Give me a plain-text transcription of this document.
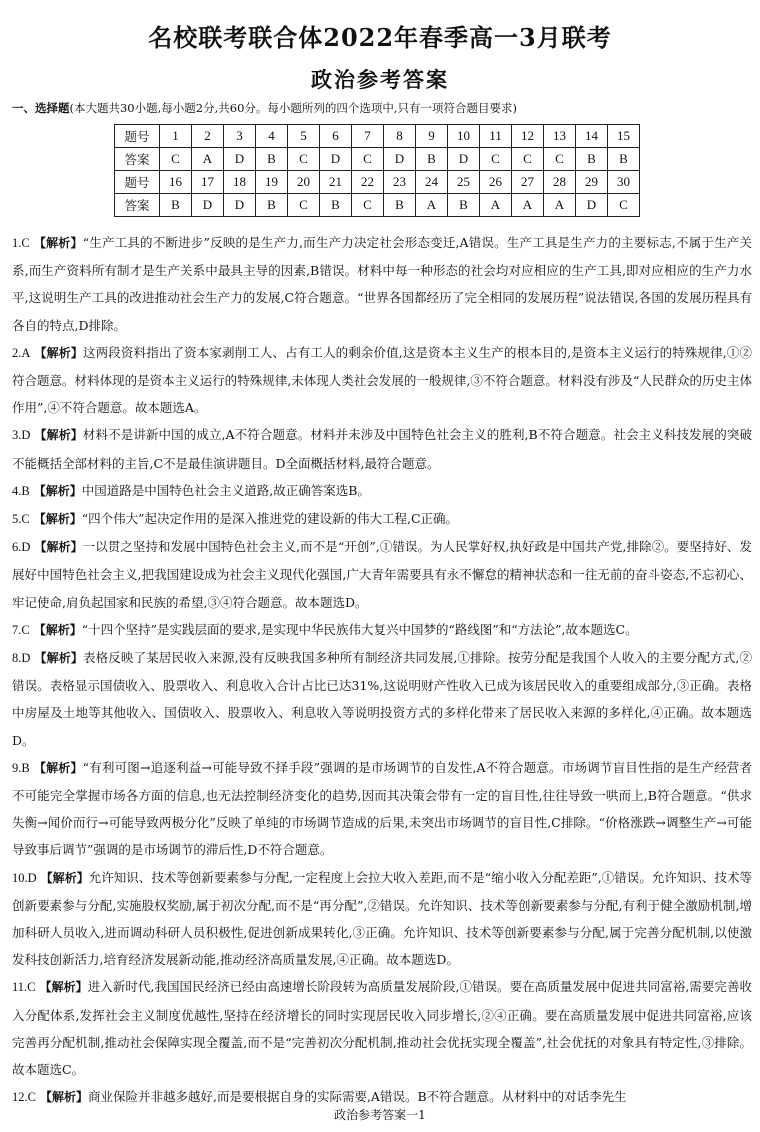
名校联考联合体2022年春季高一3月联考
政治参考答案
一、选择题(本大题共30小题,每小题2分,共60分。每小题所列的四个选项中,只有一项符合题目要求)
题号	1	2	3	4	5	6	7	8	9	10	11	12	13	14	15
答案	C	A	D	B	C	D	C	D	B	D	C	C	C	B	B
题号	16	17	18	19	20	21	22	23	24	25	26	27	28	29	30
答案	B	D	D	B	C	B	C	B	A	B	A	A	A	D	C

1.C 【解析】“生产工具的不断进步”反映的是生产力,而生产力决定社会形态变迁,A错误。生产工具是生产力的主要标志,不属于生产关系,而生产资料所有制才是生产关系中最具主导的因素,B错误。材料中每一种形态的社会均对应相应的生产工具,即对应相应的生产力水平,这说明生产工具的改进推动社会生产力的发展,C符合题意。“世界各国都经历了完全相同的发展历程”说法错误,各国的发展历程具有各自的特点,D排除。

2.A 【解析】这两段资料指出了资本家剥削工人、占有工人的剩余价值,这是资本主义生产的根本目的,是资本主义运行的特殊规律,①②符合题意。材料体现的是资本主义运行的特殊规律,未体现人类社会发展的一般规律,③不符合题意。材料没有涉及“人民群众的历史主体作用”,④不符合题意。故本题选A。

3.D 【解析】材料不是讲新中国的成立,A不符合题意。材料并未涉及中国特色社会主义的胜利,B不符合题意。社会主义科技发展的突破不能概括全部材料的主旨,C不是最佳演讲题目。D全面概括材料,最符合题意。

4.B 【解析】中国道路是中国特色社会主义道路,故正确答案选B。

5.C 【解析】“四个伟大”起决定作用的是深入推进党的建设新的伟大工程,C正确。

6.D 【解析】一以贯之坚持和发展中国特色社会主义,而不是“开创”,①错误。为人民掌好权,执好政是中国共产党,排除②。要坚持好、发展好中国特色社会主义,把我国建设成为社会主义现代化强国,广大青年需要具有永不懈怠的精神状态和一往无前的奋斗姿态,不忘初心、牢记使命,肩负起国家和民族的希望,③④符合题意。故本题选D。

7.C 【解析】“十四个坚持”是实践层面的要求,是实现中华民族伟大复兴中国梦的“路线图”和“方法论”,故本题选C。

8.D 【解析】表格反映了某居民收入来源,没有反映我国多种所有制经济共同发展,①排除。按劳分配是我国个人收入的主要分配方式,②错误。表格显示国债收入、股票收入、利息收入合计占比已达31%,这说明财产性收入已成为该居民收入的重要组成部分,③正确。表格中房屋及土地等其他收入、国债收入、股票收入、利息收入等说明投资方式的多样化带来了居民收入来源的多样化,④正确。故本题选D。

9.B 【解析】“有利可图→追逐利益→可能导致不择手段”强调的是市场调节的自发性,A不符合题意。市场调节盲目性指的是生产经营者不可能完全掌握市场各方面的信息,也无法控制经济变化的趋势,因而其决策会带有一定的盲目性,往往导致一哄而上,B符合题意。“供求失衡→闻价而行→可能导致两极分化”反映了单纯的市场调节造成的后果,未突出市场调节的盲目性,C排除。“价格涨跌→调整生产→可能导致事后调节”强调的是市场调节的滞后性,D不符合题意。

10.D 【解析】允许知识、技术等创新要素参与分配,一定程度上会拉大收入差距,而不是“缩小收入分配差距”,①错误。允许知识、技术等创新要素参与分配,实施股权奖励,属于初次分配,而不是“再分配”,②错误。允许知识、技术等创新要素参与分配,有利于健全激励机制,增加科研人员收入,进而调动科研人员积极性,促进创新成果转化,③正确。允许知识、技术等创新要素参与分配,属于完善分配机制,以使激发科技创新活力,培育经济发展新动能,推动经济高质量发展,④正确。故本题选D。

11.C 【解析】进入新时代,我国国民经济已经由高速增长阶段转为高质量发展阶段,①错误。要在高质量发展中促进共同富裕,需要完善收入分配体系,发挥社会主义制度优越性,坚持在经济增长的同时实现居民收入同步增长,②④正确。要在高质量发展中促进共同富裕,应该完善再分配机制,推动社会保障实现全覆盖,而不是“完善初次分配机制,推动社会优抚实现全覆盖”,社会优抚的对象具有特定性,③排除。故本题选C。

12.C 【解析】商业保险并非越多越好,而是要根据自身的实际需要,A错误。B不符合题意。从材料中的对话李先生

政治参考答案一1
